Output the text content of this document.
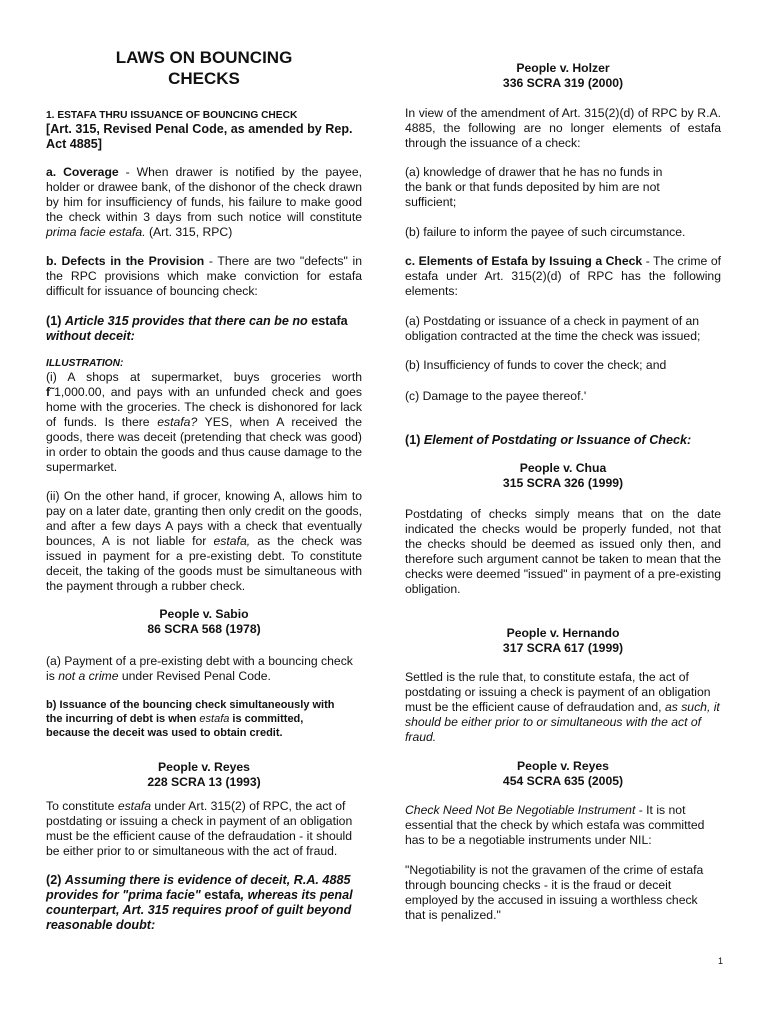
LAWS ON BOUNCING
CHECKS
1. ESTAFA THRU ISSUANCE OF BOUNCING CHECK
[Art. 315, Revised Penal Code, as amended by Rep. Act 4885]

a. Coverage - When drawer is notified by the payee, holder or drawee bank, of the dishonor of the check drawn by him for insufficiency of funds, his failure to make good the check within 3 days from such notice will constitute prima facie estafa. (Art. 315, RPC)

b. Defects in the Provision - There are two "defects" in the RPC provisions which make conviction for estafa difficult for issuance of bouncing check:

(1) Article 315 provides that there can be no estafa without deceit:

ILLUSTRATION:

(i) A shops at supermarket, buys groceries worth f˜1,000.00, and pays with an unfunded check and goes home with the groceries. The check is dishonored for lack of funds. Is there estafa? YES, when A received the goods, there was deceit (pretending that check was good) in order to obtain the goods and thus cause damage to the supermarket.

(ii) On the other hand, if grocer, knowing A, allows him to pay on a later date, granting then only credit on the goods, and after a few days A pays with a check that eventually bounces, A is not liable for estafa, as the check was issued in payment for a pre-existing debt. To constitute deceit, the taking of the goods must be simultaneous with the payment through a rubber check.

People v. Sabio
86 SCRA 568 (1978)

(a) Payment of a pre-existing debt with a bouncing check is not a crime under Revised Penal Code.

b) Issuance of the bouncing check simultaneously with the incurring of debt is when estafa is committed, because the deceit was used to obtain credit.

People v. Reyes
228 SCRA 13 (1993)

To constitute estafa under Art. 315(2) of RPC, the act of postdating or issuing a check in payment of an obligation must be the efficient cause of the defraudation - it should be either prior to or simultaneous with the act of fraud.

(2) Assuming there is evidence of deceit, R.A. 4885 provides for "prima facie" estafa, whereas its penal counterpart, Art. 315 requires proof of guilt beyond reasonable doubt:

People v. Holzer
336 SCRA 319 (2000)

In view of the amendment of Art. 315(2)(d) of RPC by R.A. 4885, the following are no longer elements of estafa through the issuance of a check:

(a) knowledge of drawer that he has no funds in
the bank or that funds deposited by him are not
sufficient;

(b) failure to inform the payee of such circumstance.

c. Elements of Estafa by Issuing a Check - The crime of estafa under Art. 315(2)(d) of RPC has the following elements:

(a) Postdating or issuance of a check in payment of an obligation contracted at the time the check was issued;

(b) Insufficiency of funds to cover the check; and

(c) Damage to the payee thereof.'

(1) Element of Postdating or Issuance of Check:

People v. Chua
315 SCRA 326 (1999)

Postdating of checks simply means that on the date indicated the checks would be properly funded, not that the checks should be deemed as issued only then, and therefore such argument cannot be taken to mean that the checks were deemed "issued" in payment of a pre-existing obligation.

People v. Hernando
317 SCRA 617 (1999)

Settled is the rule that, to constitute estafa, the act of postdating or issuing a check is payment of an obligation must be the efficient cause of defraudation and, as such, it should be either prior to or simultaneous with the act of fraud.

People v. Reyes
454 SCRA 635 (2005)

Check Need Not Be Negotiable Instrument - It is not essential that the check by which estafa was committed has to be a negotiable instruments under NIL:

"Negotiability is not the gravamen of the crime of estafa
through bouncing checks - it is the fraud or deceit
employed by the accused in issuing a worthless check
that is penalized."
1
